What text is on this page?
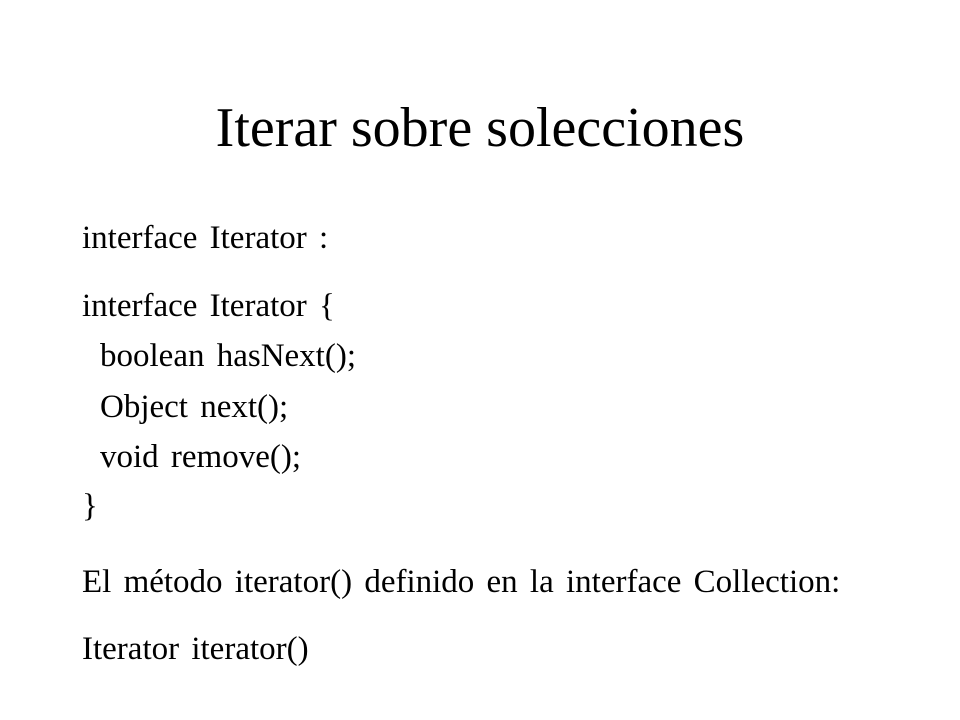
Iterar sobre solecciones
interface Iterator :
interface Iterator {
boolean hasNext();
Object next();
void remove();
}
El método iterator() definido en la interface Collection:
Iterator iterator()
